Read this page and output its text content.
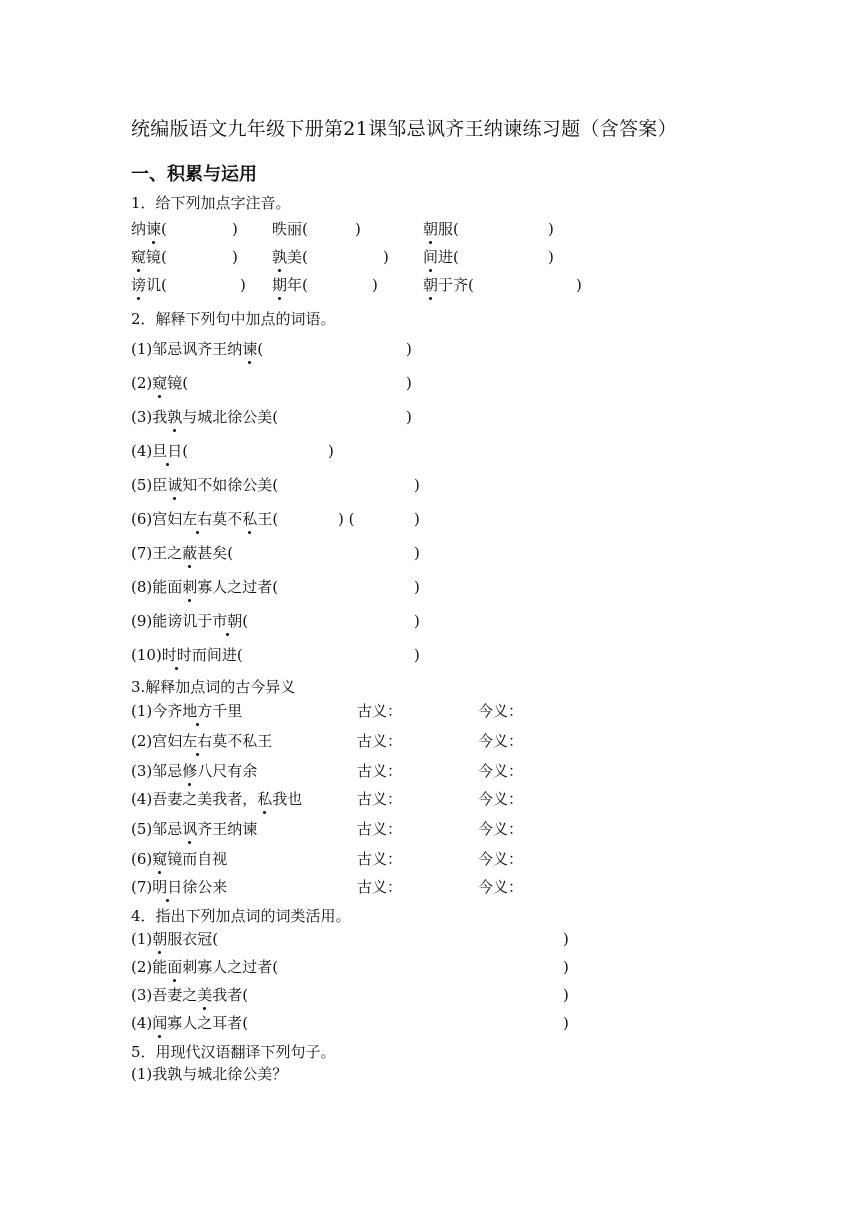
统编版语文九年级下册第21课邹忌讽齐王纳谏练习题（含答案）
一、积累与运用
1．给下列加点字注音。
纳谏(	) 昳丽(	)	朝服(	)
窥镜(	) 孰美(	) 间进(	)
谤讥(	) 期年(	)	朝于齐(	)
2．解释下列句中加点的词语。
(1)邹忌讽齐王纳谏(	)
(2)窥镜(	)
(3)我孰与城北徐公美(	)
(4)旦日(	)
(5)臣诚知不如徐公美(	)
(6)宫妇左右莫不私王(	) (	)
(7)王之蔽甚矣(	)
(8)能面刺寡人之过者(	)
(9)能谤讥于市朝(	)
(10)时时而间进(	)
3.解释加点词的古今异义
(1)今齐地方千里	古义：	今义：
(2)宫妇左右莫不私王	古义：	今义：
(3)邹忌修八尺有余	古义：	今义：
(4)吾妻之美我者，私我也	古义：	今义：
(5)邹忌讽齐王纳谏	古义：	今义：
(6)窥镜而自视	古义：	今义：
(7)明日徐公来	古义：	今义：
4．指出下列加点词的词类活用。
(1)朝服衣冠(	)
(2)能面刺寡人之过者(	)
(3)吾妻之美我者(	)
(4)闻寡人之耳者(	)
5．用现代汉语翻译下列句子。
(1)我孰与城北徐公美？
